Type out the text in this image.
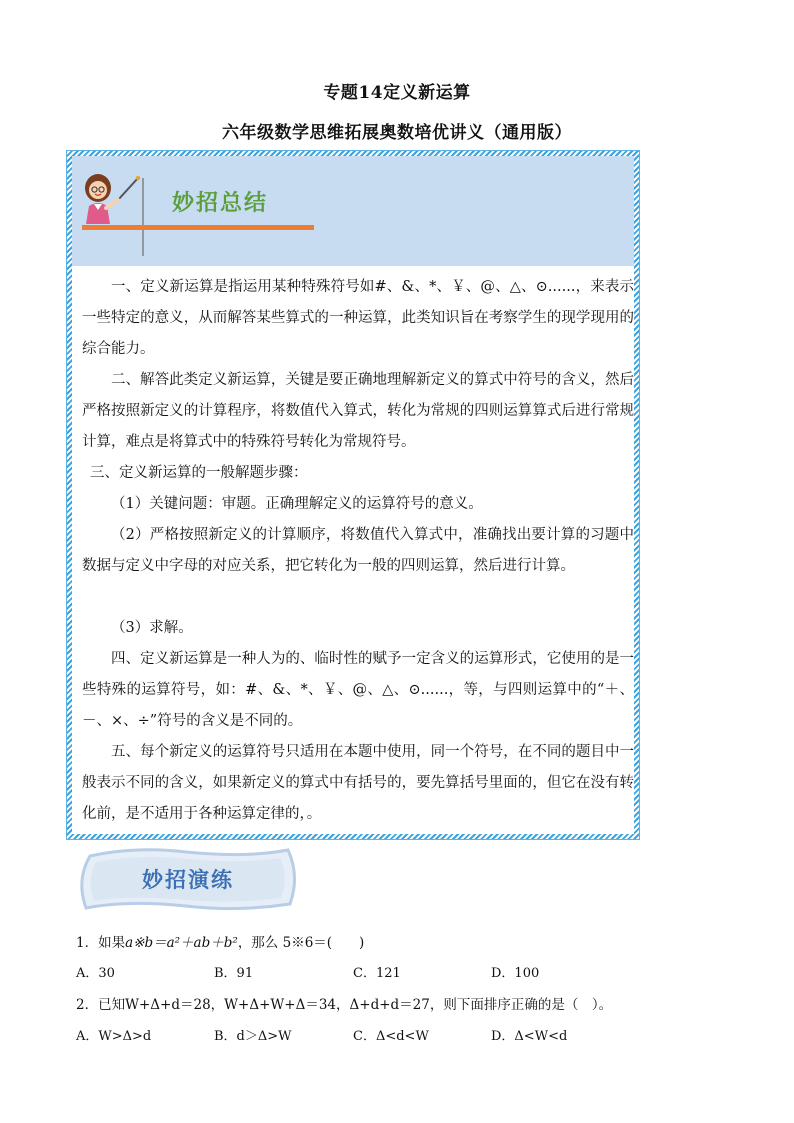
专题14定义新运算
六年级数学思维拓展奥数培优讲义（通用版）
妙招总结

一、定义新运算是指运用某种特殊符号如#、&、*、￥、@、△、⊙......，来表示一些特定的意义，从而解答某些算式的一种运算，此类知识旨在考察学生的现学现用的综合能力。

二、解答此类定义新运算，关键是要正确地理解新定义的算式中符号的含义，然后严格按照新定义的计算程序，将数值代入算式，转化为常规的四则运算算式后进行常规计算，难点是将算式中的特殊符号转化为常规符号。

三、定义新运算的一般解题步骤：

（1）关键问题：审题。正确理解定义的运算符号的意义。

（2）严格按照新定义的计算顺序，将数值代入算式中，准确找出要计算的习题中数据与定义中字母的对应关系，把它转化为一般的四则运算，然后进行计算。

（3）求解。

四、定义新运算是一种人为的、临时性的赋予一定含义的运算形式，它使用的是一些特殊的运算符号，如：#、&、*、￥、@、△、⊙......，等，与四则运算中的“＋、－、×、÷”符号的含义是不同的。

五、每个新定义的运算符号只适用在本题中使用，同一个符号，在不同的题目中一般表示不同的含义，如果新定义的算式中有括号的，要先算括号里面的，但它在没有转化前，是不适用于各种运算定律的，。

妙招演练
1．如果a※b＝a²＋ab＋b²，那么 5※6＝(　　)
A．30	B．91	C．121	D．100
2．已知W+Δ+d＝28，W+Δ+W+Δ＝34，Δ+d+d＝27，则下面排序正确的是（　）。
A．W>Δ>d	B．d＞Δ>W	C．Δ<d<W	D．Δ<W<d
